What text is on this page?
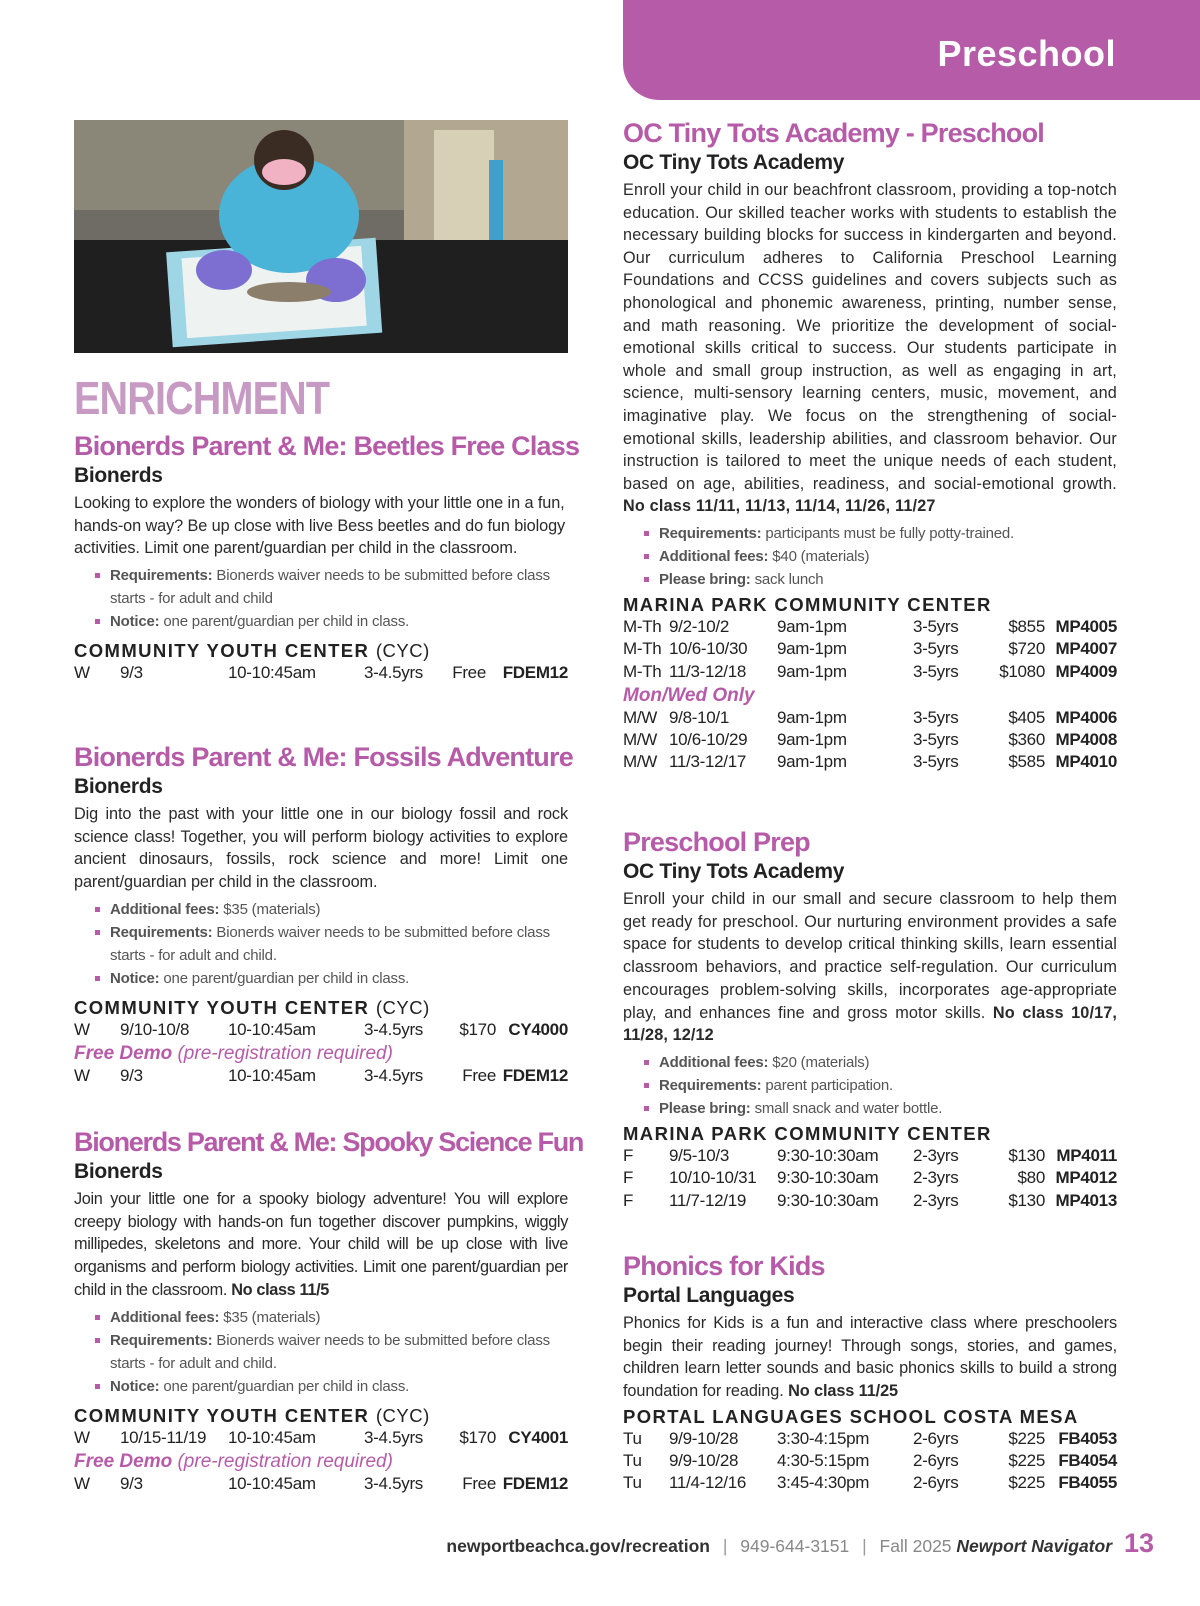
Preschool
ENRICHMENT
Bionerds Parent & Me: Beetles Free Class
Bionerds

Looking to explore the wonders of biology with your little one in a fun, hands-on way? Be up close with live Bess beetles and do fun biology activities. Limit one parent/guardian per child in the classroom.

Requirements: Bionerds waiver needs to be submitted before class starts - for adult and child
Notice: one parent/guardian per child in class.
COMMUNITY YOUTH CENTER (CYC)
W 9/3	10-10:45am	3-4.5yrs Free FDEM12
Bionerds Parent & Me: Fossils Adventure
Bionerds

Dig into the past with your little one in our biology fossil and rock science class! Together, you will perform biology activities to explore ancient dinosaurs, fossils, rock science and more! Limit one parent/guardian per child in the classroom.

Additional fees: $35 (materials)
Requirements: Bionerds waiver needs to be submitted before class starts - for adult and child.
Notice: one parent/guardian per child in class.
COMMUNITY YOUTH CENTER (CYC)
W 9/10-10/8 10-10:45am	3-4.5yrs $170 CY4000
Free Demo (pre-registration required)
W 9/3	10-10:45am	3-4.5yrs Free FDEM12
Bionerds Parent & Me: Spooky Science Fun
Bionerds

Join your little one for a spooky biology adventure! You will explore creepy biology with hands-on fun together discover pumpkins, wiggly millipedes, skeletons and more. Your child will be up close with live organisms and perform biology activities. Limit one parent/guardian per child in the classroom. No class 11/5

Additional fees: $35 (materials)
Requirements: Bionerds waiver needs to be submitted before class starts - for adult and child.
Notice: one parent/guardian per child in class.
COMMUNITY YOUTH CENTER (CYC)
W 10/15-11/19 10-10:45am	3-4.5yrs $170 CY4001
Free Demo (pre-registration required)
W 9/3	10-10:45am	3-4.5yrs Free FDEM12
OC Tiny Tots Academy - Preschool
OC Tiny Tots Academy

Enroll your child in our beachfront classroom, providing a top-notch education. Our skilled teacher works with students to establish the necessary building blocks for success in kindergarten and beyond. Our curriculum adheres to California Preschool Learning Foundations and CCSS guidelines and covers subjects such as phonological and phonemic awareness, printing, number sense, and math reasoning. We prioritize the development of social-emotional skills critical to success. Our students participate in whole and small group instruction, as well as engaging in art, science, multi-sensory learning centers, music, movement, and imaginative play. We focus on the strengthening of social-emotional skills, leadership abilities, and classroom behavior. Our instruction is tailored to meet the unique needs of each student, based on age, abilities, readiness, and social-emotional growth. No class 11/11, 11/13, 11/14, 11/26, 11/27

Requirements: participants must be fully potty-trained.
Additional fees: $40 (materials)
Please bring: sack lunch
MARINA PARK COMMUNITY CENTER
M-Th 9/2-10/2	9am-1pm	3-5yrs	$855 MP4005
M-Th 10/6-10/30 9am-1pm	3-5yrs	$720 MP4007
M-Th 11/3-12/18 9am-1pm	3-5yrs $1080 MP4009
Mon/Wed Only
M/W 9/8-10/1	9am-1pm	3-5yrs	$405 MP4006
M/W 10/6-10/29 9am-1pm	3-5yrs	$360 MP4008
M/W 11/3-12/17 9am-1pm	3-5yrs	$585 MP4010
Preschool Prep
OC Tiny Tots Academy

Enroll your child in our small and secure classroom to help them get ready for preschool. Our nurturing environment provides a safe space for students to develop critical thinking skills, learn essential classroom behaviors, and practice self-regulation. Our curriculum encourages problem-solving skills, incorporates age-appropriate play, and enhances fine and gross motor skills. No class 10/17, 11/28, 12/12

Additional fees: $20 (materials)
Requirements: parent participation.
Please bring: small snack and water bottle.
MARINA PARK COMMUNITY CENTER
F 9/5-10/3	9:30-10:30am 2-3yrs	$130 MP4011
F 10/10-10/31 9:30-10:30am 2-3yrs	$80 MP4012
F 11/7-12/19 9:30-10:30am 2-3yrs	$130 MP4013
Phonics for Kids
Portal Languages

Phonics for Kids is a fun and interactive class where preschoolers begin their reading journey! Through songs, stories, and games, children learn letter sounds and basic phonics skills to build a strong foundation for reading. No class 11/25

PORTAL LANGUAGES SCHOOL COSTA MESA
Tu 9/9-10/28 3:30-4:15pm	2-6yrs	$225 FB4053
Tu 9/9-10/28 4:30-5:15pm	2-6yrs	$225 FB4054
Tu 11/4-12/16 3:45-4:30pm	2-6yrs	$225 FB4055
newportbeachca.gov/recreation | 949-644-3151 | Fall 2025 Newport Navigator 13
